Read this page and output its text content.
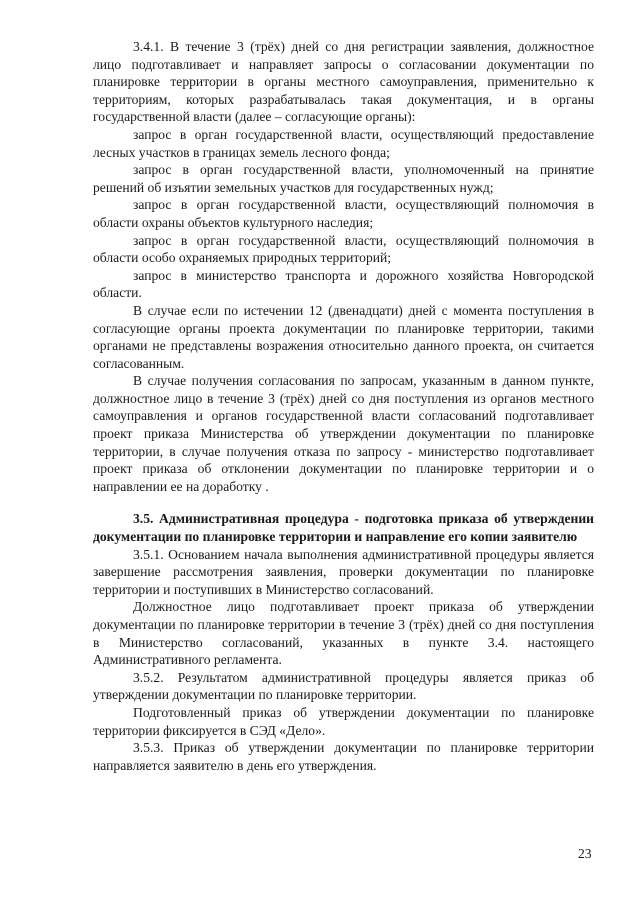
3.4.1. В течение 3 (трёх) дней со дня регистрации заявления, должностное лицо подготавливает и направляет запросы о согласовании документации по планировке территории в органы местного самоуправления, применительно к территориям, которых разрабатывалась такая документация, и в органы государственной власти (далее – согласующие органы):

запрос в орган государственной власти, осуществляющий предоставление лесных участков в границах земель лесного фонда;

запрос в орган государственной власти, уполномоченный на принятие решений об изъятии земельных участков для государственных нужд;

запрос в орган государственной власти, осуществляющий полномочия в области охраны объектов культурного наследия;

запрос в орган государственной власти, осуществляющий полномочия в области особо охраняемых природных территорий;

запрос в министерство транспорта и дорожного хозяйства Новгородской области.

В случае если по истечении 12 (двенадцати) дней с момента поступления в согласующие органы проекта документации по планировке территории, такими органами не представлены возражения относительно данного проекта, он считается согласованным.

В случае получения согласования по запросам, указанным в данном пункте, должностное лицо в течение 3 (трёх) дней со дня поступления из органов местного самоуправления и органов государственной власти согласований подготавливает проект приказа Министерства об утверждении документации по планировке территории, в случае получения отказа по запросу - министерство подготавливает проект приказа об отклонении документации по планировке территории и о направлении ее на доработку .

3.5. Административная процедура - подготовка приказа об утверждении документации по планировке территории и направление его копии заявителю

3.5.1. Основанием начала выполнения административной процедуры является завершение рассмотрения заявления, проверки документации по планировке территории и поступивших в Министерство согласований.

Должностное лицо подготавливает проект приказа об утверждении документации по планировке территории в течение 3 (трёх) дней со дня поступления в Министерство согласований, указанных в пункте 3.4. настоящего Административного регламента.

3.5.2. Результатом административной процедуры является приказ об утверждении документации по планировке территории.

Подготовленный приказ об утверждении документации по планировке территории фиксируется в СЭД «Дело».

3.5.3. Приказ об утверждении документации по планировке территории направляется заявителю в день его утверждения.

23
